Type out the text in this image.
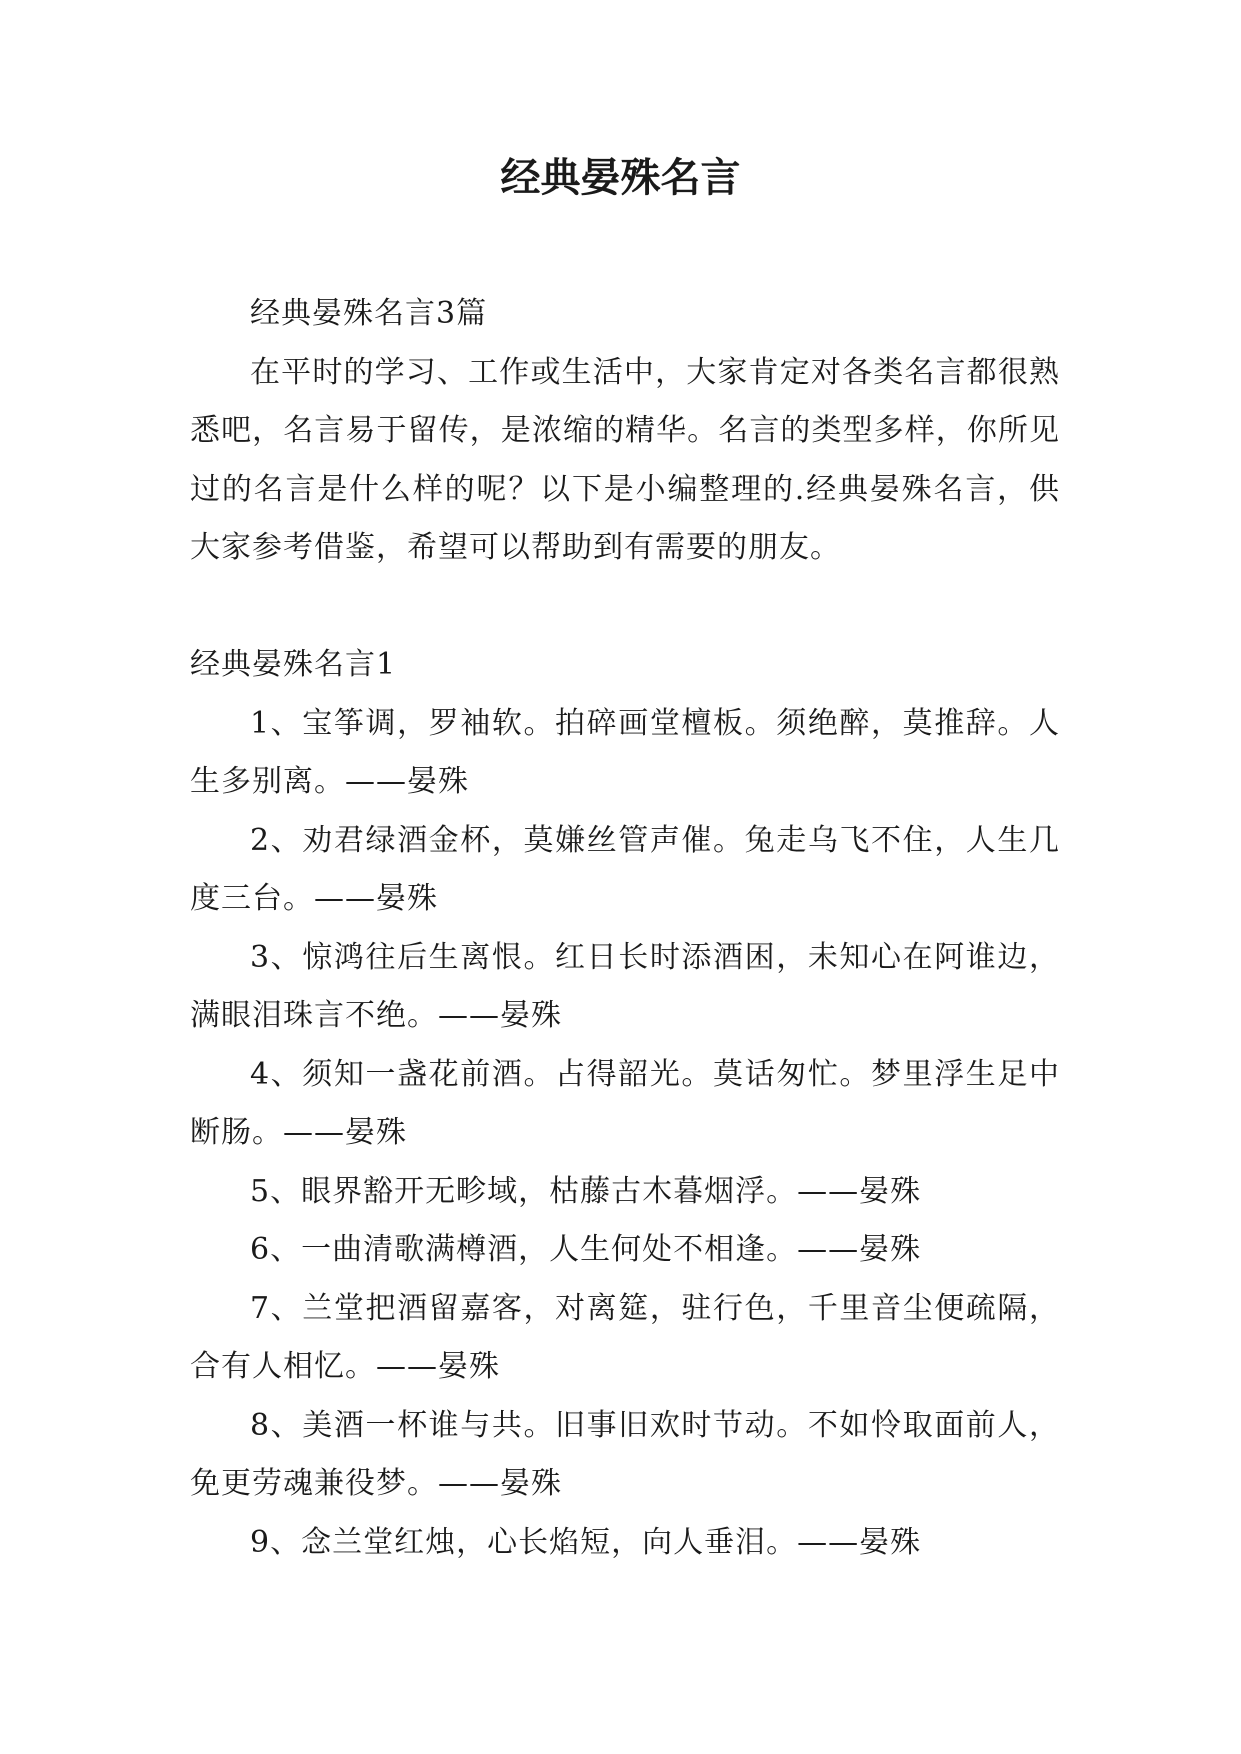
经典晏殊名言

经典晏殊名言3篇

在平时的学习、工作或生活中，大家肯定对各类名言都很熟悉吧，名言易于留传，是浓缩的精华。名言的类型多样，你所见过的名言是什么样的呢？以下是小编整理的.经典晏殊名言，供大家参考借鉴，希望可以帮助到有需要的朋友。

经典晏殊名言1

1、宝筝调，罗袖软。拍碎画堂檀板。须绝醉，莫推辞。人生多别离。——晏殊

2、劝君绿酒金杯，莫嫌丝管声催。兔走乌飞不住，人生几度三台。——晏殊

3、惊鸿往后生离恨。红日长时添酒困，未知心在阿谁边，满眼泪珠言不绝。——晏殊

4、须知一盏花前酒。占得韶光。莫话匆忙。梦里浮生足中断肠。——晏殊

5、眼界豁开无畛域，枯藤古木暮烟浮。——晏殊

6、一曲清歌满樽酒，人生何处不相逢。——晏殊

7、兰堂把酒留嘉客，对离筵，驻行色，千里音尘便疏隔，合有人相忆。——晏殊

8、美酒一杯谁与共。旧事旧欢时节动。不如怜取面前人，免更劳魂兼役梦。——晏殊

9、念兰堂红烛，心长焰短，向人垂泪。——晏殊
